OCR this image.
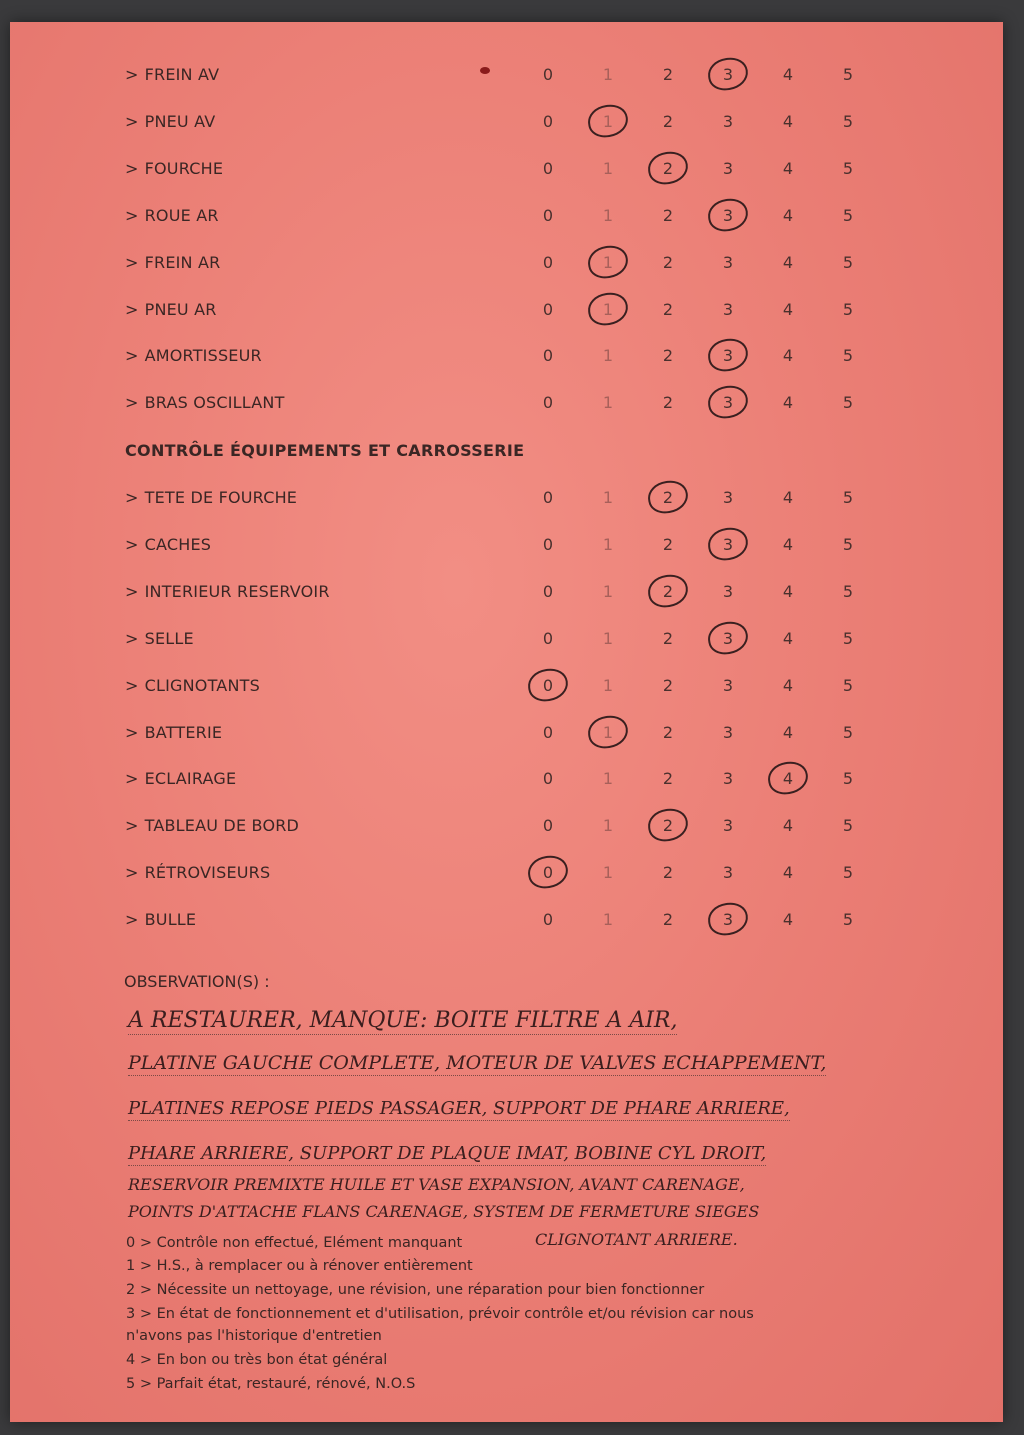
> FREIN AV	0	1	2	3	4	5
> PNEU AV	0	1	2	3	4	5
> FOURCHE	0	1	2	3	4	5
> ROUE AR	0	1	2	3	4	5
> FREIN AR	0	1	2	3	4	5
> PNEU AR	0	1	2	3	4	5
> AMORTISSEUR	0	1	2	3	4	5
> BRAS OSCILLANT	0	1	2	3	4	5
CONTRÔLE ÉQUIPEMENTS ET CARROSSERIE
> TETE DE FOURCHE	0	1	2	3	4	5
> CACHES	0	1	2	3	4	5
> INTERIEUR RESERVOIR	0	1	2	3	4	5
> SELLE	0	1	2	3	4	5
> CLIGNOTANTS	0	1	2	3	4	5
> BATTERIE	0	1	2	3	4	5
> ECLAIRAGE	0	1	2	3	4	5
> TABLEAU DE BORD	0	1	2	3	4	5
> RÉTROVISEURS	0	1	2	3	4	5
> BULLE	0	1	2	3	4	5
OBSERVATION(S) :
A RESTAURER, MANQUE: BOITE FILTRE A AIR,
PLATINE GAUCHE COMPLETE, MOTEUR DE VALVES ECHAPPEMENT,
PLATINES REPOSE PIEDS PASSAGER, SUPPORT DE PHARE ARRIERE,
PHARE ARRIERE, SUPPORT DE PLAQUE IMAT, BOBINE CYL DROIT,
RESERVOIR PREMIXTE HUILE ET VASE EXPANSION, AVANT CARENAGE,
POINTS D'ATTACHE FLANS CARENAGE, SYSTEM DE FERMETURE SIEGES
CLIGNOTANT ARRIERE.
0 > Contrôle non effectué, Elément manquant
1 > H.S., à remplacer ou à rénover entièrement
2 > Nécessite un nettoyage, une révision, une réparation pour bien fonctionner
3 > En état de fonctionnement et d'utilisation, prévoir contrôle et/ou révision car nous
n'avons pas l'historique d'entretien
4 > En bon ou très bon état général
5 > Parfait état, restauré, rénové, N.O.S
